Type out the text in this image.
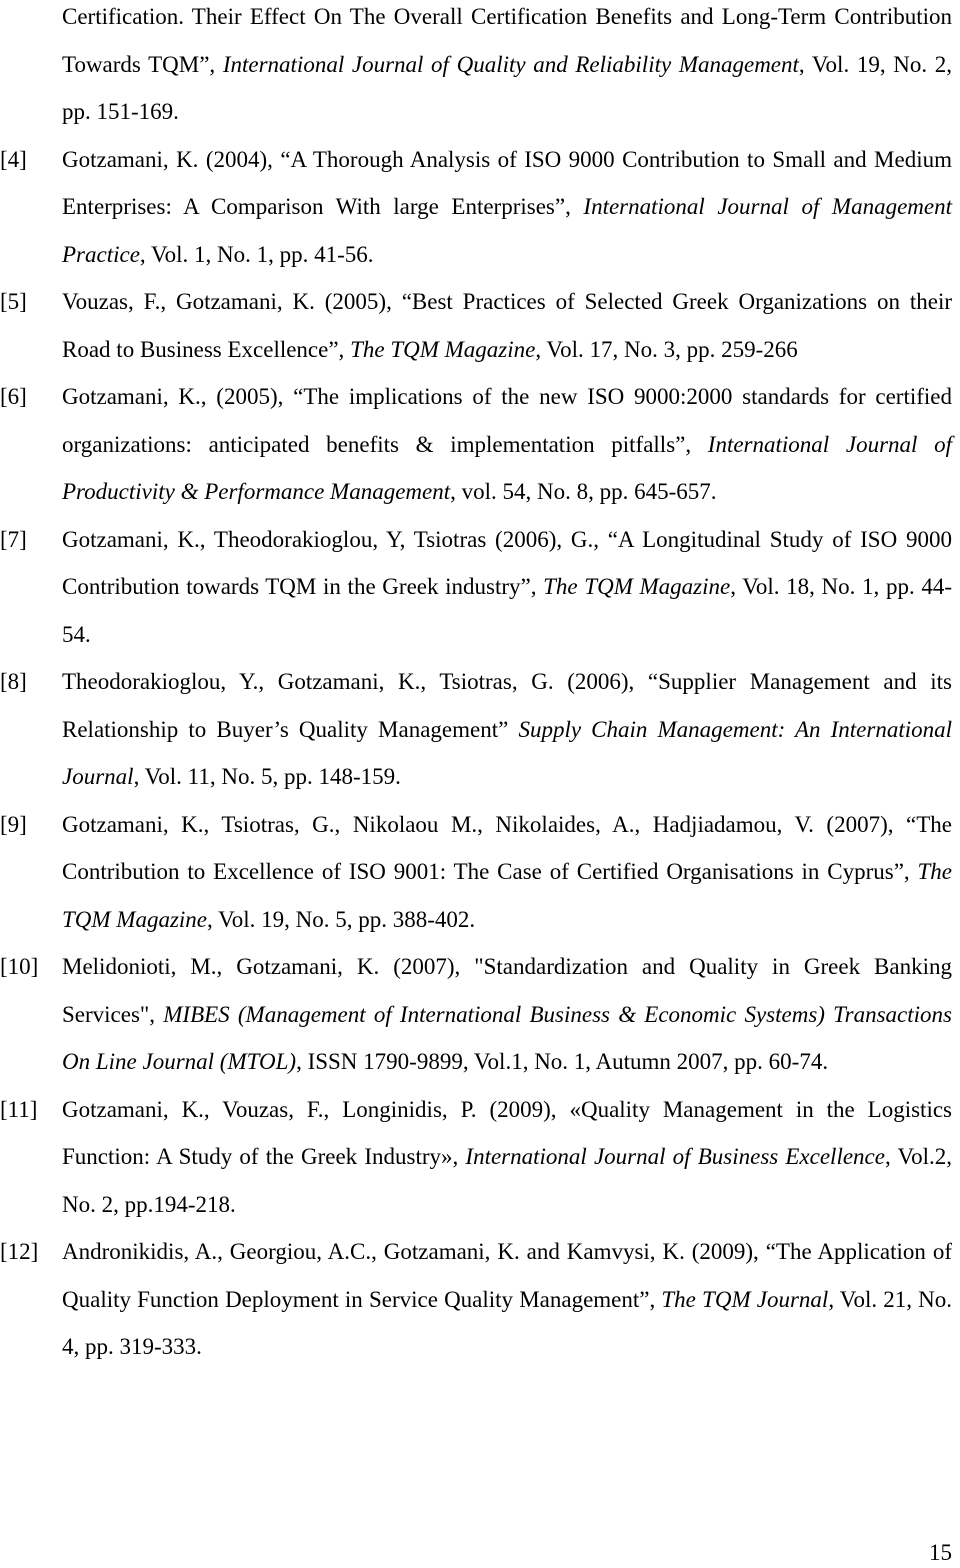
Certification. Their Effect On The Overall Certification Benefits and Long-Term Contribution Towards TQM”, International Journal of Quality and Reliability Management, Vol. 19, No. 2, pp. 151-169.
[4] Gotzamani, K. (2004), “A Thorough Analysis of ISO 9000 Contribution to Small and Medium Enterprises: A Comparison With large Enterprises”, International Journal of Management Practice, Vol. 1, No. 1, pp. 41-56.
[5] Vouzas, F., Gotzamani, K. (2005), “Best Practices of Selected Greek Organizations on their Road to Business Excellence”, The TQM Magazine, Vol. 17, No. 3, pp. 259-266
[6] Gotzamani, K., (2005), “The implications of the new ISO 9000:2000 standards for certified organizations: anticipated benefits & implementation pitfalls”, International Journal of Productivity & Performance Management, vol. 54, No. 8, pp. 645-657.
[7] Gotzamani, K., Theodorakioglou, Y, Tsiotras (2006), G., “A Longitudinal Study of ISO 9000 Contribution towards TQM in the Greek industry”, The TQM Magazine, Vol. 18, No. 1, pp. 44-54.
[8] Theodorakioglou, Y., Gotzamani, K., Tsiotras, G. (2006), “Supplier Management and its Relationship to Buyer’s Quality Management” Supply Chain Management: An International Journal, Vol. 11, No. 5, pp. 148-159.
[9] Gotzamani, K., Tsiotras, G., Nikolaou M., Nikolaides, A., Hadjiadamou, V. (2007), “The Contribution to Excellence of ISO 9001: The Case of Certified Organisations in Cyprus”, The TQM Magazine, Vol. 19, No. 5, pp. 388-402.
[10] Melidonioti, M., Gotzamani, K. (2007), "Standardization and Quality in Greek Banking Services", MIBES (Management of International Business & Economic Systems) Transactions On Line Journal (MTOL), ISSN 1790-9899, Vol.1, No. 1, Autumn 2007, pp. 60-74.
[11] Gotzamani, K., Vouzas, F., Longinidis, P. (2009), «Quality Management in the Logistics Function: A Study of the Greek Industry», International Journal of Business Excellence, Vol.2, No. 2, pp.194-218.
[12] Andronikidis, A., Georgiou, A.C., Gotzamani, K. and Kamvysi, K. (2009), “The Application of Quality Function Deployment in Service Quality Management”, The TQM Journal, Vol. 21, No. 4, pp. 319-333.
15
